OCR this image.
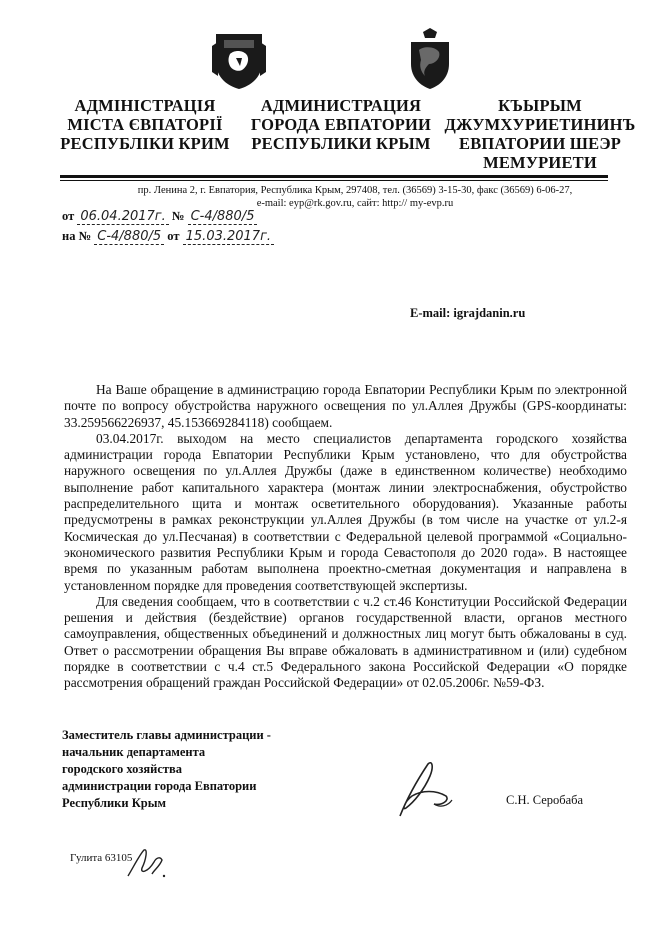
АДМІНІСТРАЦІЯ
МІСТА ЄВПАТОРІЇ
РЕСПУБЛІКИ КРИМ
АДМИНИСТРАЦИЯ
ГОРОДА ЕВПАТОРИИ
РЕСПУБЛИКИ КРЫМ
КЪЫРЫМ
ДЖУМХУРИЕТИНИНЪ
ЕВПАТОРИИ ШЕЭР
МЕМУРИЕТИ
пр. Ленина 2, г. Евпатория, Республика Крым, 297408, тел. (36569) 3-15-30, факс (36569) 6-06-27,
e-mail: eyp@rk.gov.ru, сайт: http:// my-evp.ru
от 06.04.2017г. № С-4/880/5
на № С-4/880/5 от 15.03.2017г.
E-mail: igrajdanin.ru

На Ваше обращение в администрацию города Евпатории Республики Крым по электронной почте по вопросу обустройства наружного освещения по ул.Аллея Дружбы (GPS-координаты: 33.259566226937, 45.153669284118) сообщаем.

03.04.2017г. выходом на место специалистов департамента городского хозяйства администрации города Евпатории Республики Крым установлено, что для обустройства наружного освещения по ул.Аллея Дружбы (даже в единственном количестве) необходимо выполнение работ капитального характера (монтаж линии электроснабжения, обустройство распределительного щита и монтаж осветительного оборудования). Указанные работы предусмотрены в рамках реконструкции ул.Аллея Дружбы (в том числе на участке от ул.2-я Космическая до ул.Песчаная) в соответствии с Федеральной целевой программой «Социально-экономического развития Республики Крым и города Севастополя до 2020 года». В настоящее время по указанным работам выполнена проектно-сметная документация и направлена в установленном порядке для проведения соответствующей экспертизы.

Для сведения сообщаем, что в соответствии с ч.2 ст.46 Конституции Российской Федерации решения и действия (бездействие) органов государственной власти, органов местного самоуправления, общественных объединений и должностных лиц могут быть обжалованы в суд. Ответ о рассмотрении обращения Вы вправе обжаловать в административном и (или) судебном порядке в соответствии с ч.4 ст.5 Федерального закона Российской Федерации «О порядке рассмотрения обращений граждан Российской Федерации» от 02.05.2006г. №59-ФЗ.

Заместитель главы администрации -
начальник департамента
городского хозяйства
администрации города Евпатории
Республики Крым	С.Н. Серобаба
Гулита 63105
